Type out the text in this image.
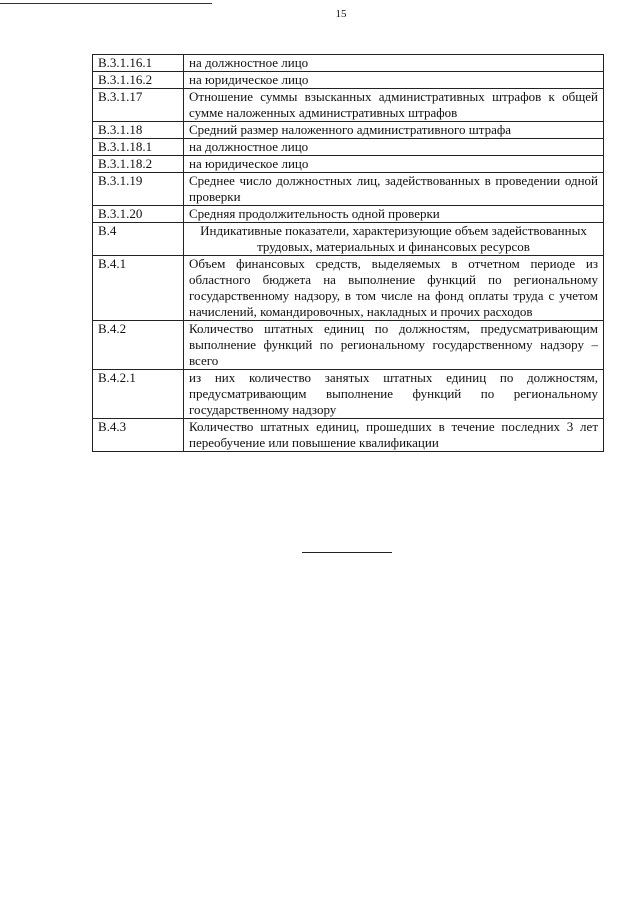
15
В.3.1.16.1	на должностное лицо
В.3.1.16.2	на юридическое лицо
В.3.1.17	Отношение суммы взысканных административных штрафов к общей сумме наложенных административных штрафов
В.3.1.18	Средний размер наложенного административного штрафа
В.3.1.18.1	на должностное лицо
В.3.1.18.2	на юридическое лицо
В.3.1.19	Среднее число должностных лиц, задействованных в проведении одной проверки
В.3.1.20	Средняя продолжительность одной проверки
В.4	Индикативные показатели, характеризующие объем задействованных трудовых, материальных и финансовых ресурсов
В.4.1	Объем финансовых средств, выделяемых в отчетном периоде из областного бюджета на выполнение функций по региональному государственному надзору, в том числе на фонд оплаты труда с учетом начислений, командировочных, накладных и прочих расходов
В.4.2	Количество штатных единиц по должностям, предусматривающим выполнение функций по региональному государственному надзору – всего
В.4.2.1	из них количество занятых штатных единиц по должностям, предусматривающим выполнение функций по региональному государственному надзору
В.4.3	Количество штатных единиц, прошедших в течение последних 3 лет переобучение или повышение квалификации
